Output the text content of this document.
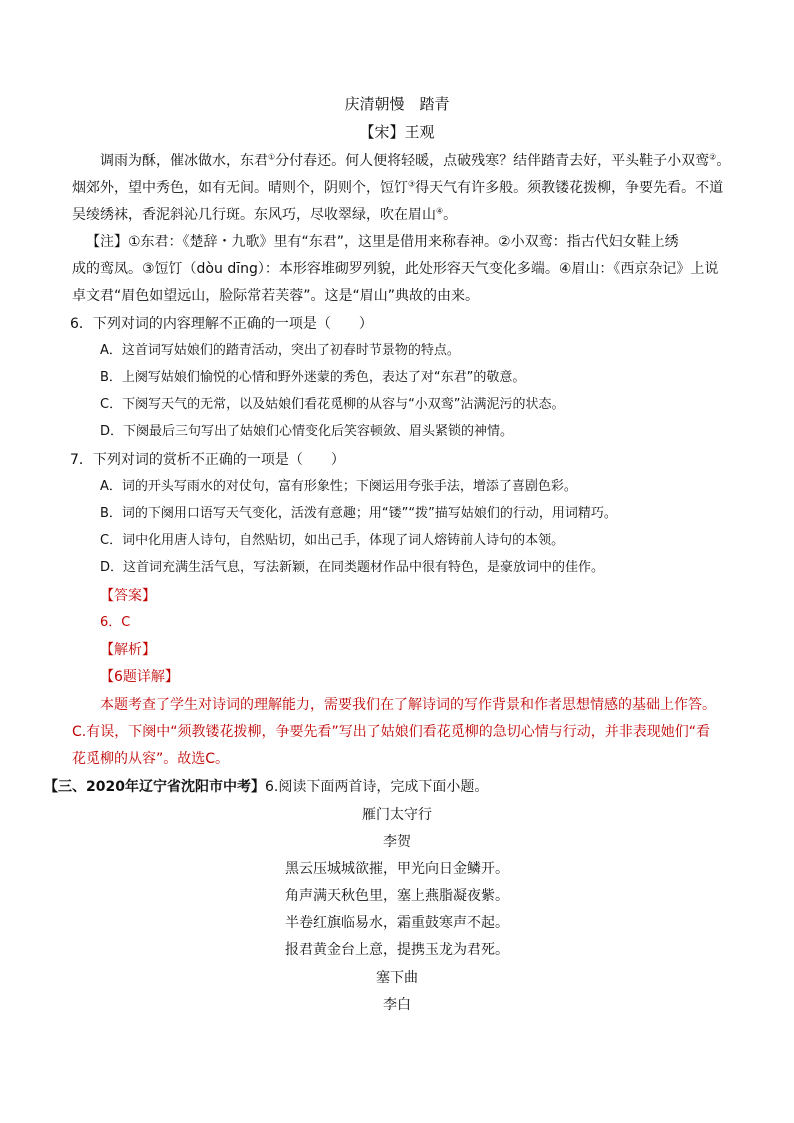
庆清朝慢　踏青
【宋】王观
调雨为酥，催冰做水，东君①分付春还。何人便将轻暖，点破残寒？结伴踏青去好，平头鞋子小双鸾②。
烟郊外，望中秀色，如有无间。晴则个，阴则个，饾饤③得天气有许多般。须教镂花拨柳，争要先看。不道
吴绫绣袜，香泥斜沁几行斑。东风巧，尽收翠绿，吹在眉山④。
【注】①东君：《楚辞・九歌》里有“东君”，这里是借用来称春神。②小双鸾：指古代妇女鞋上绣
成的鸾凤。③饾饤（dòu dīng）：本形容堆砌罗列貌，此处形容天气变化多端。④眉山：《西京杂记》上说
卓文君“眉色如望远山，脸际常若芙蓉”。这是“眉山”典故的由来。
6．下列对词的内容理解不正确的一项是（　　）
A．这首词写姑娘们的踏青活动，突出了初春时节景物的特点。
B．上阕写姑娘们愉悦的心情和野外迷蒙的秀色，表达了对“东君”的敬意。
C．下阕写天气的无常，以及姑娘们看花觅柳的从容与“小双鸾”沾满泥污的状态。
D．下阕最后三句写出了姑娘们心情变化后笑容顿敛、眉头紧锁的神情。
7．下列对词的赏析不正确的一项是（　　）
A．词的开头写雨水的对仗句，富有形象性；下阕运用夸张手法，增添了喜剧色彩。
B．词的下阕用口语写天气变化，活泼有意趣；用“镂”“拨”描写姑娘们的行动，用词精巧。
C．词中化用唐人诗句，自然贴切，如出己手，体现了词人熔铸前人诗句的本领。
D．这首词充满生活气息，写法新颖，在同类题材作品中很有特色，是豪放词中的佳作。
【答案】
6．C
【解析】
【6题详解】
本题考查了学生对诗词的理解能力，需要我们在了解诗词的写作背景和作者思想情感的基础上作答。
C.有误，下阕中“须教镂花拨柳，争要先看”写出了姑娘们看花觅柳的急切心情与行动，并非表现她们“看
花觅柳的从容”。故选C。
【三、2020年辽宁省沈阳市中考】6.阅读下面两首诗，完成下面小题。
雁门太守行
李贺
黑云压城城欲摧，甲光向日金鳞开。
角声满天秋色里，塞上燕脂凝夜紫。
半卷红旗临易水，霜重鼓寒声不起。
报君黄金台上意，提携玉龙为君死。
塞下曲
李白
